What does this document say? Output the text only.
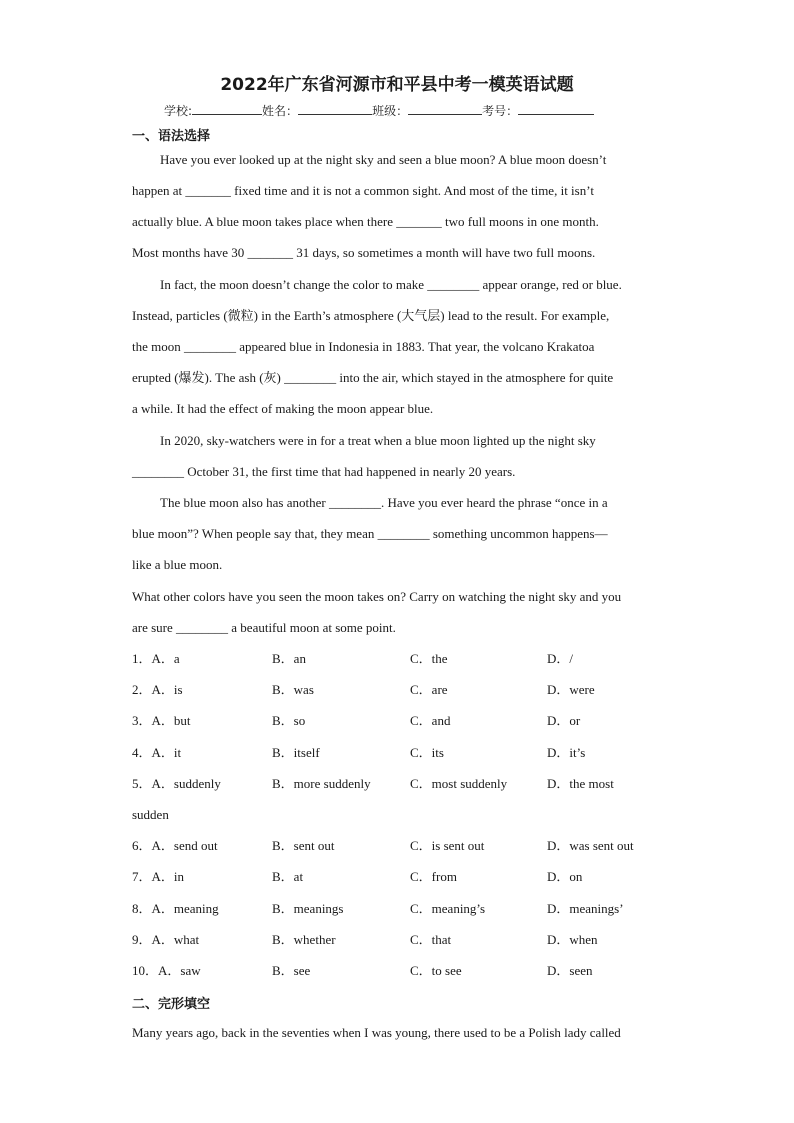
2022年广东省河源市和平县中考一模英语试题
学校:	姓名：	班级：	考号：
一、语法选择
Have you ever looked up at the night sky and seen a blue moon? A blue moon doesn’t
happen at _______ fixed time and it is not a common sight. And most of the time, it isn’t
actually blue. A blue moon takes place when there _______ two full moons in one month.
Most months have 30 _______ 31 days, so sometimes a month will have two full moons.
In fact, the moon doesn’t change the color to make ________ appear orange, red or blue.
Instead, particles (微粒) in the Earth’s atmosphere (大气层) lead to the result. For example,
the moon ________ appeared blue in Indonesia in 1883. That year, the volcano Krakatoa
erupted (爆发). The ash (灰) ________ into the air, which stayed in the atmosphere for quite
a while. It had the effect of making the moon appear blue.
In 2020, sky-watchers were in for a treat when a blue moon lighted up the night sky
________ October 31, the first time that had happened in nearly 20 years.
The blue moon also has another ________. Have you ever heard the phrase “once in a
blue moon”? When people say that, they mean ________ something uncommon happens—
like a blue moon.
What other colors have you seen the moon takes on? Carry on watching the night sky and you
are sure ________ a beautiful moon at some point.
1．A．a	B．an	C．the	D．/
2．A．is	B．was	C．are	D．were
3．A．but	B．so	C．and	D．or
4．A．it	B．itself	C．its	D．it’s
5．A．suddenly	B．more suddenly	C．most suddenly	D．the most
sudden
6．A．send out	B．sent out	C．is sent out	D．was sent out
7．A．in	B．at	C．from	D．on
8．A．meaning	B．meanings	C．meaning’s	D．meanings’
9．A．what	B．whether	C．that	D．when
10．A．saw	B．see	C．to see	D．seen
二、完形填空
Many years ago, back in the seventies when I was young, there used to be a Polish lady called
